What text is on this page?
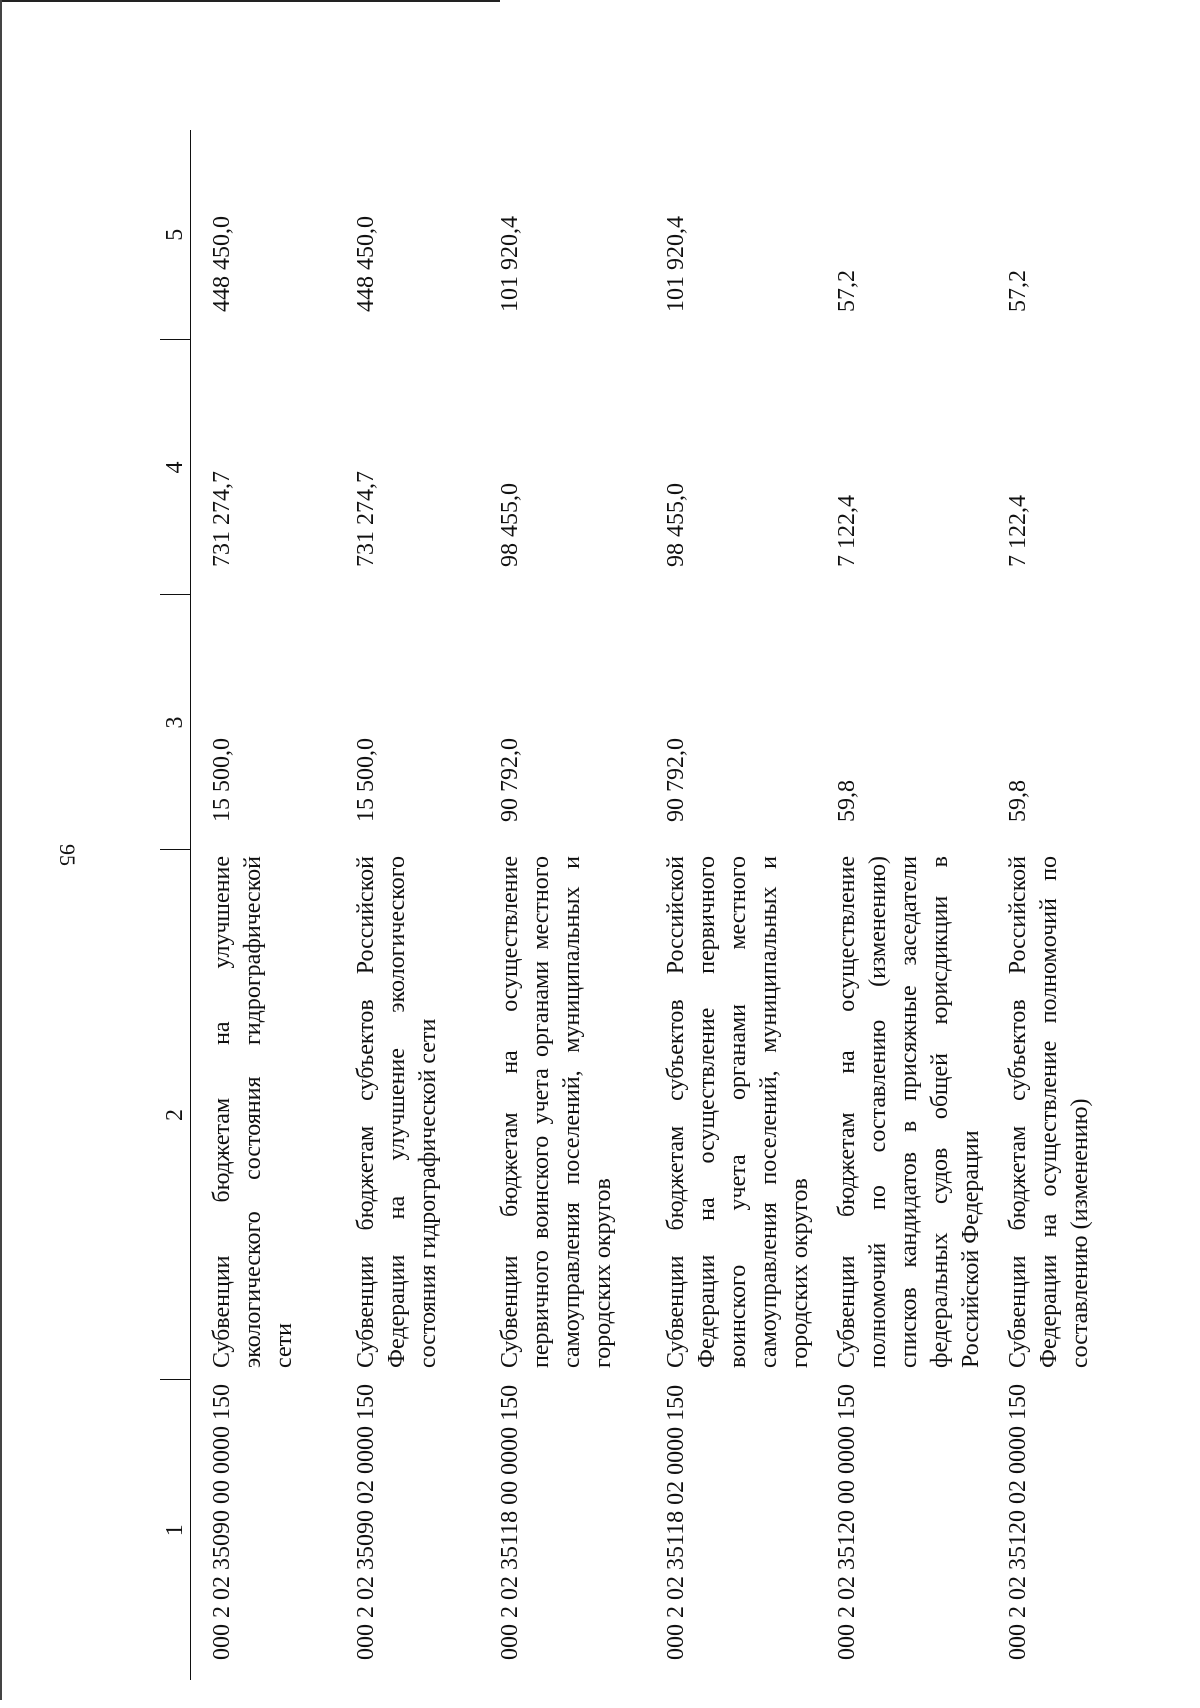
95
1	2	3	4	5
000 2 02 35090 00 0000 150	Субвенции бюджетам на улучшение экологического состояния гидрографической сети	15 500,0	731 274,7	448 450,0
000 2 02 35090 02 0000 150	Субвенции бюджетам субъектов Российской Федерации на улучшение экологического состояния гидрографической сети	15 500,0	731 274,7	448 450,0
000 2 02 35118 00 0000 150	Субвенции бюджетам на осуществление первичного воинского учета органами местного самоуправления поселений, муниципальных и городских округов	90 792,0	98 455,0	101 920,4
000 2 02 35118 02 0000 150	Субвенции бюджетам субъектов Российской Федерации на осуществление первичного воинского учета органами местного самоуправления поселений, муниципальных и городских округов	90 792,0	98 455,0	101 920,4
000 2 02 35120 00 0000 150	Субвенции бюджетам на осуществление полномочий по составлению (изменению) списков кандидатов в присяжные заседатели федеральных судов общей юрисдикции в Российской Федерации	59,8	7 122,4	57,2
000 2 02 35120 02 0000 150	Субвенции бюджетам субъектов Российской Федерации на осуществление полномочий по составлению (изменению)	59,8	7 122,4	57,2
